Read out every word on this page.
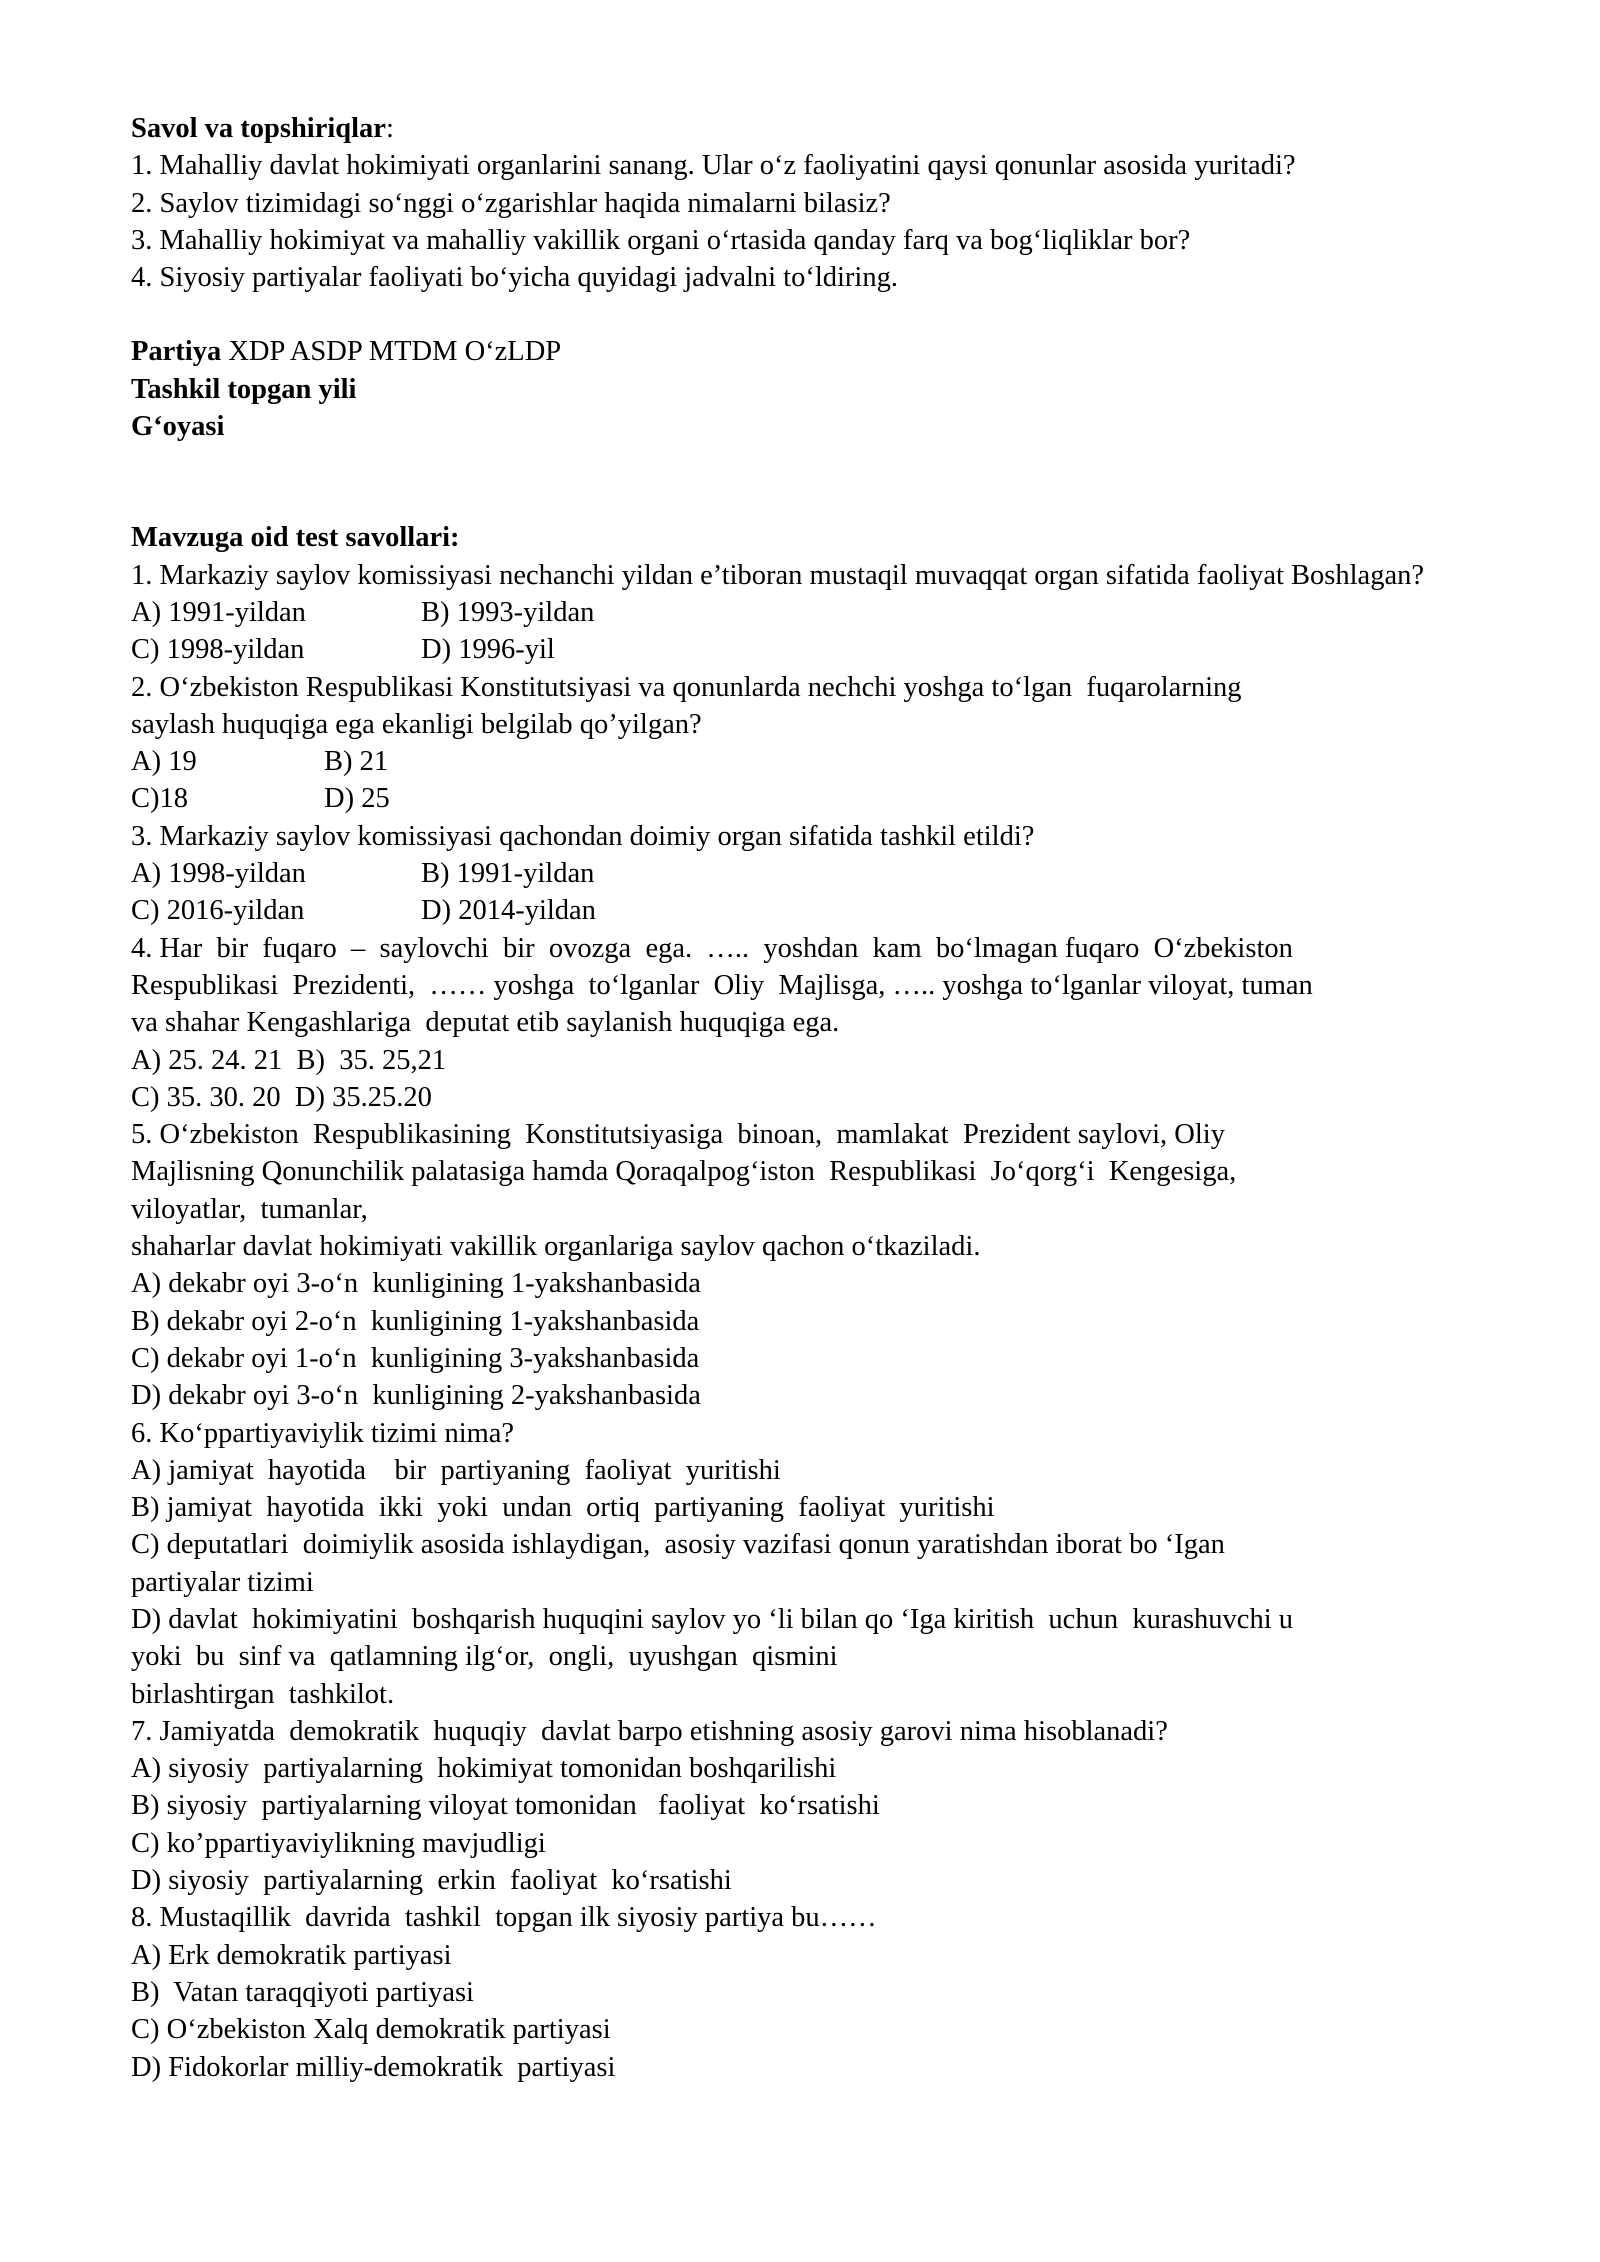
Savol va topshiriqlar:
1. Mahalliy davlat hokimiyati organlarini sanang. Ular o‘z faoliyatini qaysi qonunlar asosida yuritadi?
2. Saylov tizimidagi so‘nggi o‘zgarishlar haqida nimalarni bilasiz?
3. Mahalliy hokimiyat va mahalliy vakillik organi o‘rtasida qanday farq va bog‘liqliklar bor?
4. Siyosiy partiyalar faoliyati bo‘yicha quyidagi jadvalni to‘ldiring.
Partiya XDP ASDP MTDM O‘zLDP
Tashkil topgan yili
G‘oyasi
Mavzuga oid test savollari:
1. Markaziy saylov komissiyasi nechanchi yildan e’tiboran mustaqil muvaqqat organ sifatida faoliyat Boshlagan?
A) 1991-yildan	B) 1993-yildan
C) 1998-yildan	D) 1996-yil
2. O‘zbekiston Respublikasi Konstitutsiyasi va qonunlarda nechchi yoshga to‘lgan  fuqarolarning
saylash huquqiga ega ekanligi belgilab qo’yilgan?
A) 19	B) 21
C)18	D) 25
3. Markaziy saylov komissiyasi qachondan doimiy organ sifatida tashkil etildi?
A) 1998-yildan	B) 1991-yildan
C) 2016-yildan	D) 2014-yildan
4. Har  bir  fuqaro  –  saylovchi  bir  ovozga  ega.  …..  yoshdan  kam  bo‘lmagan fuqaro  O‘zbekiston
Respublikasi  Prezidenti,  …… yoshga  to‘lganlar  Oliy  Majlisga, ….. yoshga to‘lganlar viloyat, tuman
va shahar Kengashlariga  deputat etib saylanish huquqiga ega.
A) 25. 24. 21  B)  35. 25,21
C) 35. 30. 20  D) 35.25.20
5. O‘zbekiston  Respublikasining  Konstitutsiyasiga  binoan,  mamlakat  Prezident saylovi, Oliy
Majlisning Qonunchilik palatasiga hamda Qoraqalpog‘iston  Respublikasi  Jo‘qorg‘i  Kengesiga,
viloyatlar,  tumanlar,
shaharlar davlat hokimiyati vakillik organlariga saylov qachon o‘tkaziladi.
A) dekabr oyi 3-o‘n  kunligining 1-yakshanbasida
B) dekabr oyi 2-o‘n  kunligining 1-yakshanbasida
C) dekabr oyi 1-o‘n  kunligining 3-yakshanbasida
D) dekabr oyi 3-o‘n  kunligining 2-yakshanbasida
6. Ko‘ppartiyaviylik tizimi nima?
A) jamiyat  hayotida    bir  partiyaning  faoliyat  yuritishi
B) jamiyat  hayotida  ikki  yoki  undan  ortiq  partiyaning  faoliyat  yuritishi
C) deputatlari  doimiylik asosida ishlaydigan,  asosiy vazifasi qonun yaratishdan iborat bo ‘Igan
partiyalar tizimi
D) davlat  hokimiyatini  boshqarish huquqini saylov yo ‘li bilan qo ‘Iga kiritish  uchun  kurashuvchi u
yoki  bu  sinf va  qatlamning ilg‘or,  ongli,  uyushgan  qismini
birlashtirgan  tashkilot.
7. Jamiyatda  demokratik  huquqiy  davlat barpo etishning asosiy garovi nima hisoblanadi?
A) siyosiy  partiyalarning  hokimiyat tomonidan boshqarilishi
B) siyosiy  partiyalarning viloyat tomonidan   faoliyat  ko‘rsatishi
C) ko’ppartiyaviylikning mavjudligi
D) siyosiy  partiyalarning  erkin  faoliyat  ko‘rsatishi
8. Mustaqillik  davrida  tashkil  topgan ilk siyosiy partiya bu……
A) Erk demokratik partiyasi
B)  Vatan taraqqiyoti partiyasi
C) O‘zbekiston Xalq demokratik partiyasi
D) Fidokorlar milliy-demokratik  partiyasi
